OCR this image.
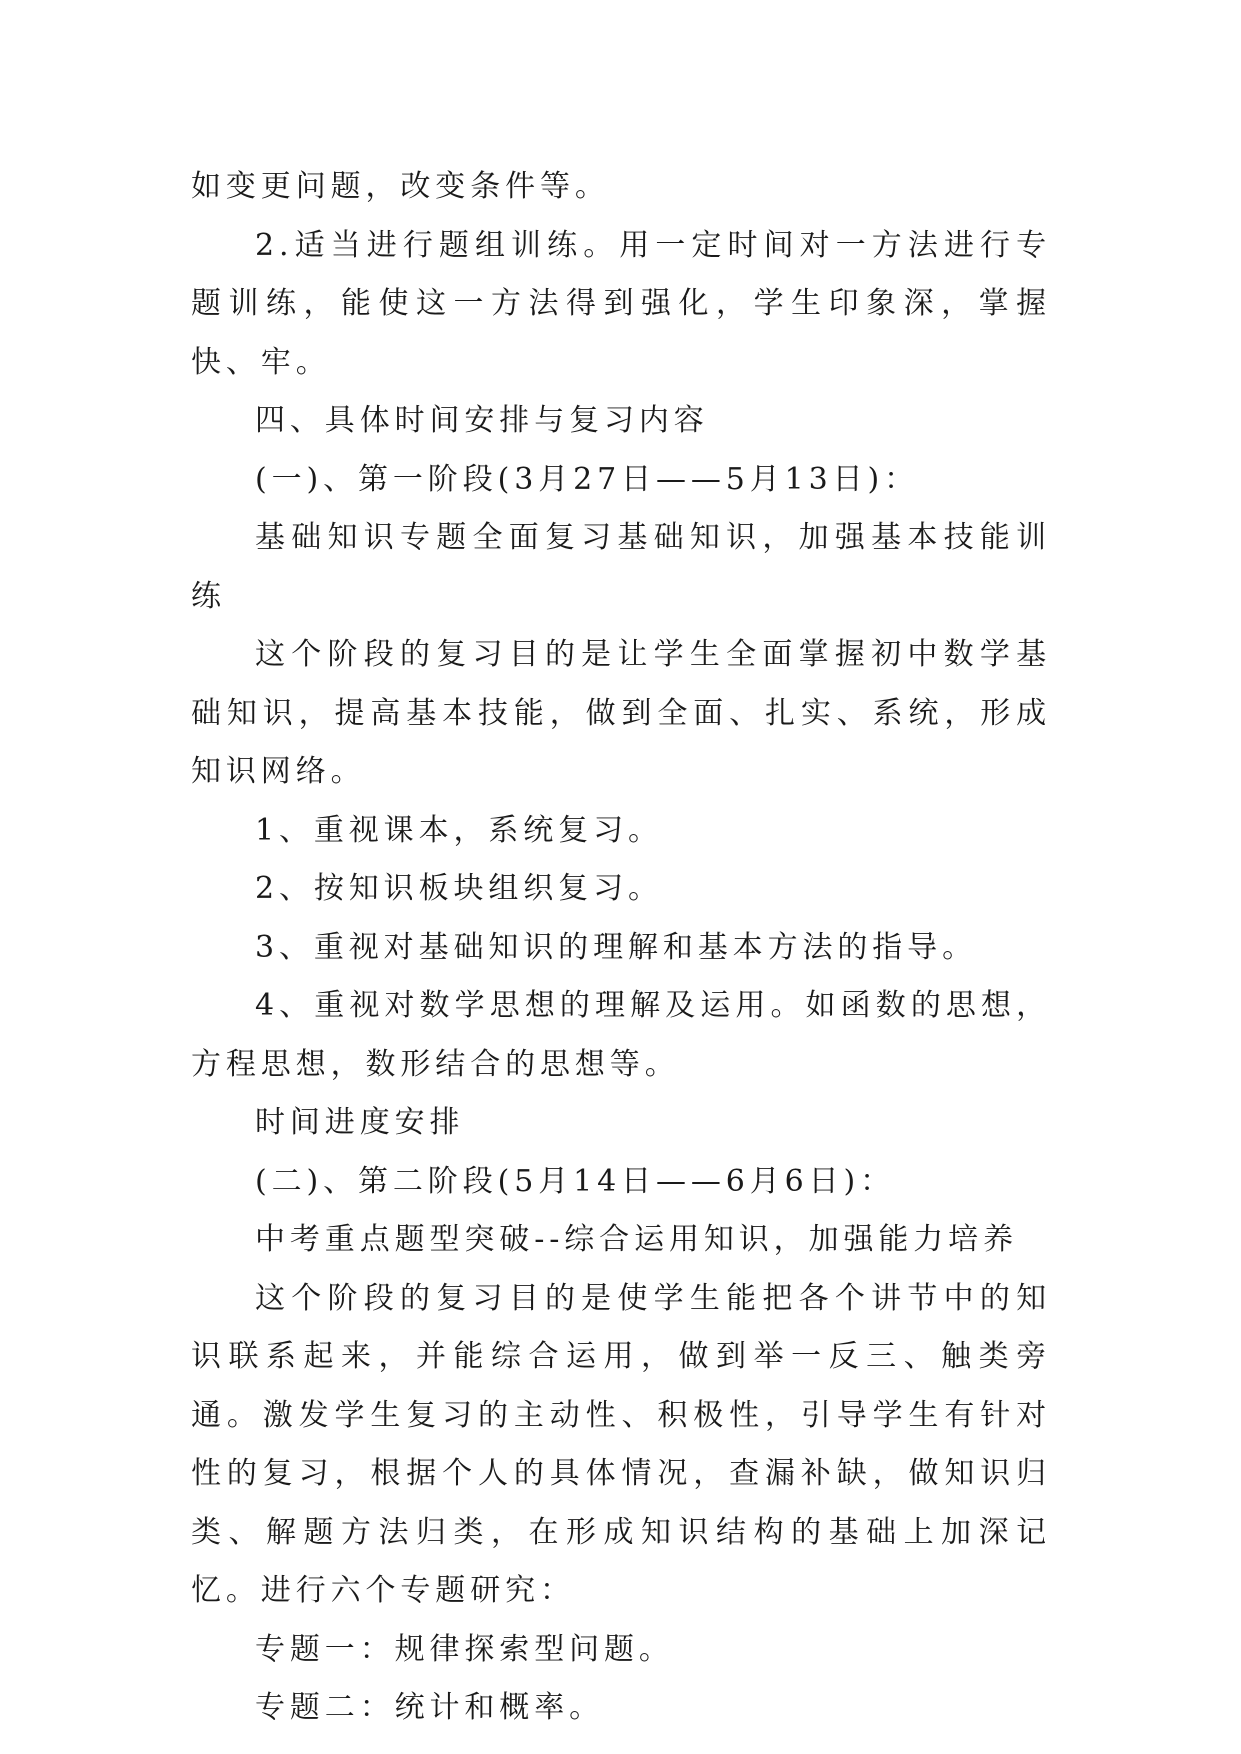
如变更问题，改变条件等。

2.适当进行题组训练。用一定时间对一方法进行专题训练，能使这一方法得到强化，学生印象深，掌握快、牢。

四、具体时间安排与复习内容

(一)、第一阶段(3月27日——5月13日)：

基础知识专题全面复习基础知识，加强基本技能训练

这个阶段的复习目的是让学生全面掌握初中数学基础知识，提高基本技能，做到全面、扎实、系统，形成知识网络。

1、重视课本，系统复习。

2、按知识板块组织复习。

3、重视对基础知识的理解和基本方法的指导。

4、重视对数学思想的理解及运用。如函数的思想，方程思想，数形结合的思想等。

时间进度安排

(二)、第二阶段(5月14日——6月6日)：

中考重点题型突破--综合运用知识，加强能力培养

这个阶段的复习目的是使学生能把各个讲节中的知识联系起来，并能综合运用，做到举一反三、触类旁通。激发学生复习的主动性、积极性，引导学生有针对性的复习，根据个人的具体情况，查漏补缺，做知识归类、解题方法归类，在形成知识结构的基础上加深记忆。进行六个专题研究：

专题一：规律探索型问题。

专题二：统计和概率。
